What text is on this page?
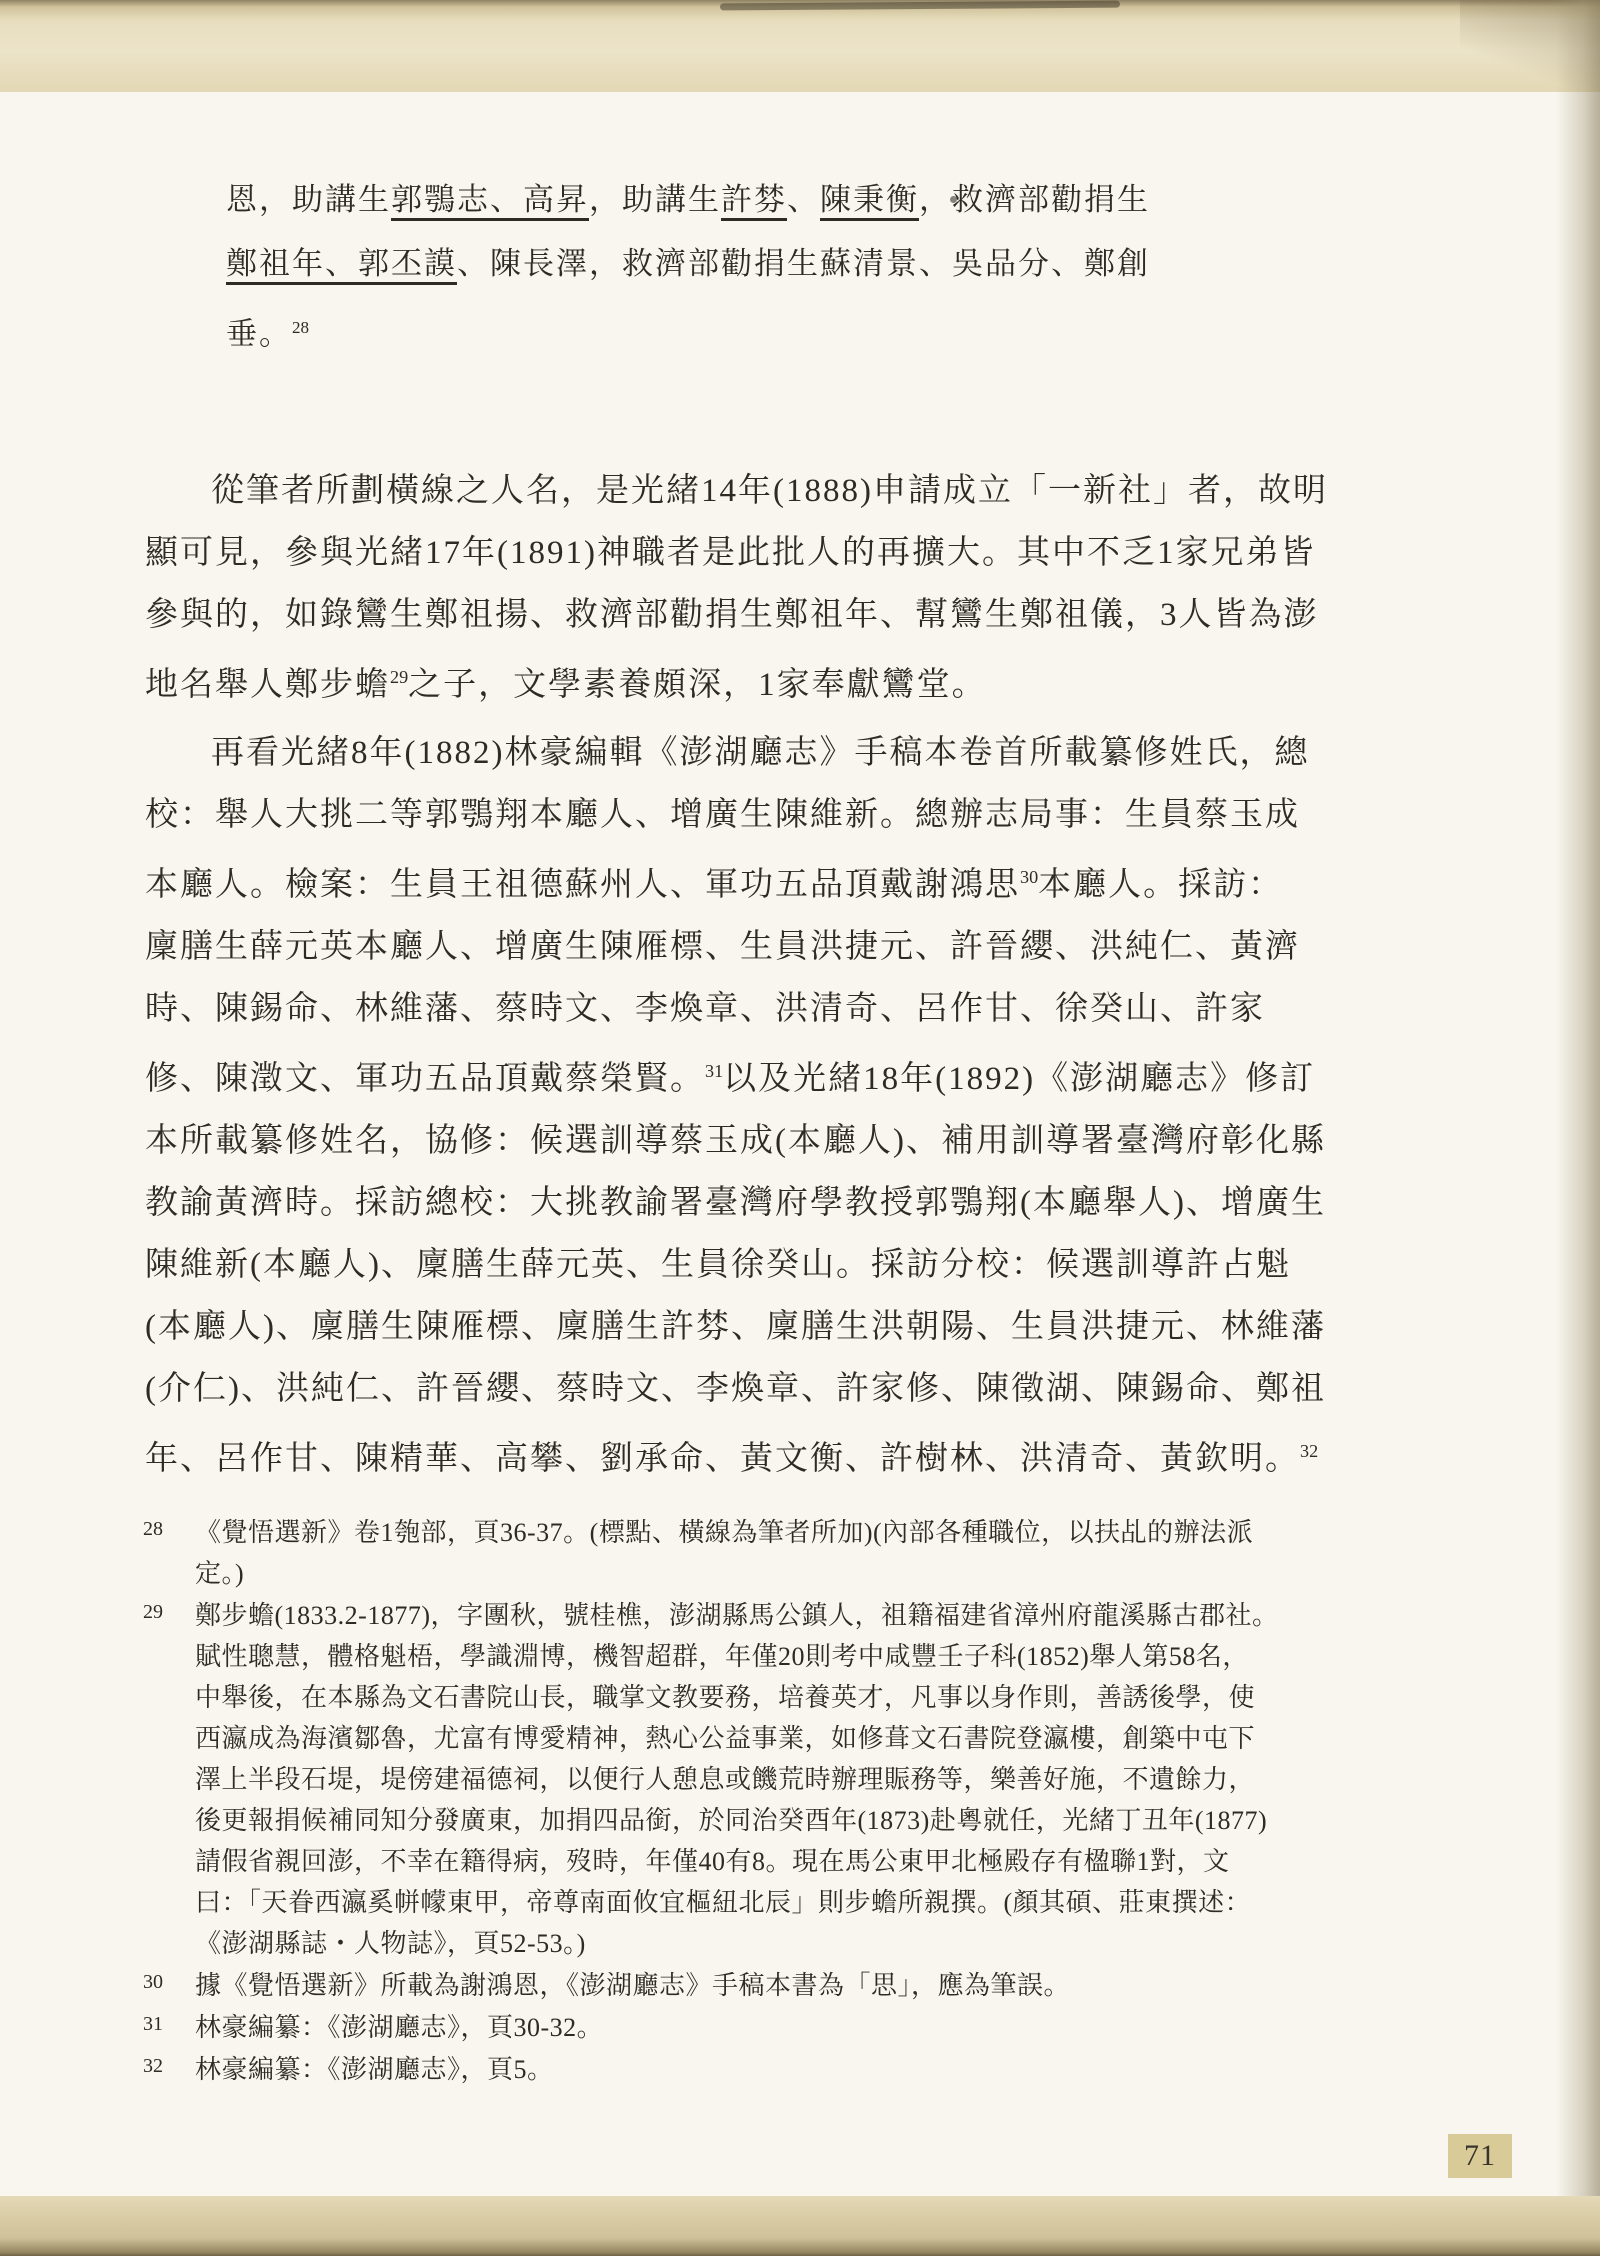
恩，助講生郭鶚志、高昇，助講生許棼、陳秉衡，救濟部勸捐生
鄭祖年、郭丕謨、陳長澤，救濟部勸捐生蘇清景、吳品分、鄭創
垂。$^{28}$
從筆者所劃橫線之人名，是光緒14年(1888)申請成立「一新社」者，故明
顯可見，參與光緒17年(1891)神職者是此批人的再擴大。其中不乏1家兄弟皆
參與的，如錄鸞生鄭祖揚、救濟部勸捐生鄭祖年、幫鸞生鄭祖儀，3人皆為澎
地名舉人鄭步蟾$^{29}$之子，文學素養頗深，1家奉獻鸞堂。
再看光緒8年(1882)林豪編輯《澎湖廳志》手稿本卷首所載纂修姓氏，總
校：舉人大挑二等郭鶚翔本廳人、增廣生陳維新。總辦志局事：生員蔡玉成
本廳人。檢案：生員王祖德蘇州人、軍功五品頂戴謝鴻思$^{30}$本廳人。採訪：
廩膳生薛元英本廳人、增廣生陳雁標、生員洪捷元、許晉纓、洪純仁、黃濟
時、陳錫命、林維藩、蔡時文、李煥章、洪清奇、呂作甘、徐癸山、許家
修、陳澂文、軍功五品頂戴蔡榮賢。$^{31}$以及光緒18年(1892)《澎湖廳志》修訂
本所載纂修姓名，協修：候選訓導蔡玉成(本廳人)、補用訓導署臺灣府彰化縣
教諭黃濟時。採訪總校：大挑教諭署臺灣府學教授郭鶚翔(本廳舉人)、增廣生
陳維新(本廳人)、廩膳生薛元英、生員徐癸山。採訪分校：候選訓導許占魁
(本廳人)、廩膳生陳雁標、廩膳生許棼、廩膳生洪朝陽、生員洪捷元、林維藩
(介仁)、洪純仁、許晉纓、蔡時文、李煥章、許家修、陳徵湖、陳錫命、鄭祖
年、呂作甘、陳精華、高攀、劉承命、黃文衡、許樹林、洪清奇、黃欽明。$^{32}$
28	《覺悟選新》卷1匏部，頁36-37。(標點、橫線為筆者所加)(內部各種職位，以扶乩的辦法派
定。)
29	鄭步蟾(1833.2-1877)，字團秋，號桂樵，澎湖縣馬公鎮人，祖籍福建省漳州府龍溪縣古郡社。
賦性聰慧，體格魁梧，學識淵博，機智超群，年僅20則考中咸豐壬子科(1852)舉人第58名，
中舉後，在本縣為文石書院山長，職掌文教要務，培養英才，凡事以身作則，善誘後學，使
西瀛成為海濱鄒魯，尤富有博愛精神，熱心公益事業，如修葺文石書院登瀛樓，創築中屯下
澤上半段石堤，堤傍建福德祠，以便行人憩息或饑荒時辦理賑務等，樂善好施，不遺餘力，
後更報捐候補同知分發廣東，加捐四品銜，於同治癸酉年(1873)赴粵就任，光緒丁丑年(1877)
請假省親回澎，不幸在籍得病，歿時，年僅40有8。現在馬公東甲北極殿存有楹聯1對，文
曰：「天眷西瀛奚帡幪東甲，帝尊南面攸宜樞紐北辰」則步蟾所親撰。(顏其碩、莊東撰述：
《澎湖縣誌・人物誌》，頁52-53。)
30	據《覺悟選新》所載為謝鴻恩，《澎湖廳志》手稿本書為「思」，應為筆誤。
31	林豪編纂：《澎湖廳志》，頁30-32。
32	林豪編纂：《澎湖廳志》，頁5。
71
